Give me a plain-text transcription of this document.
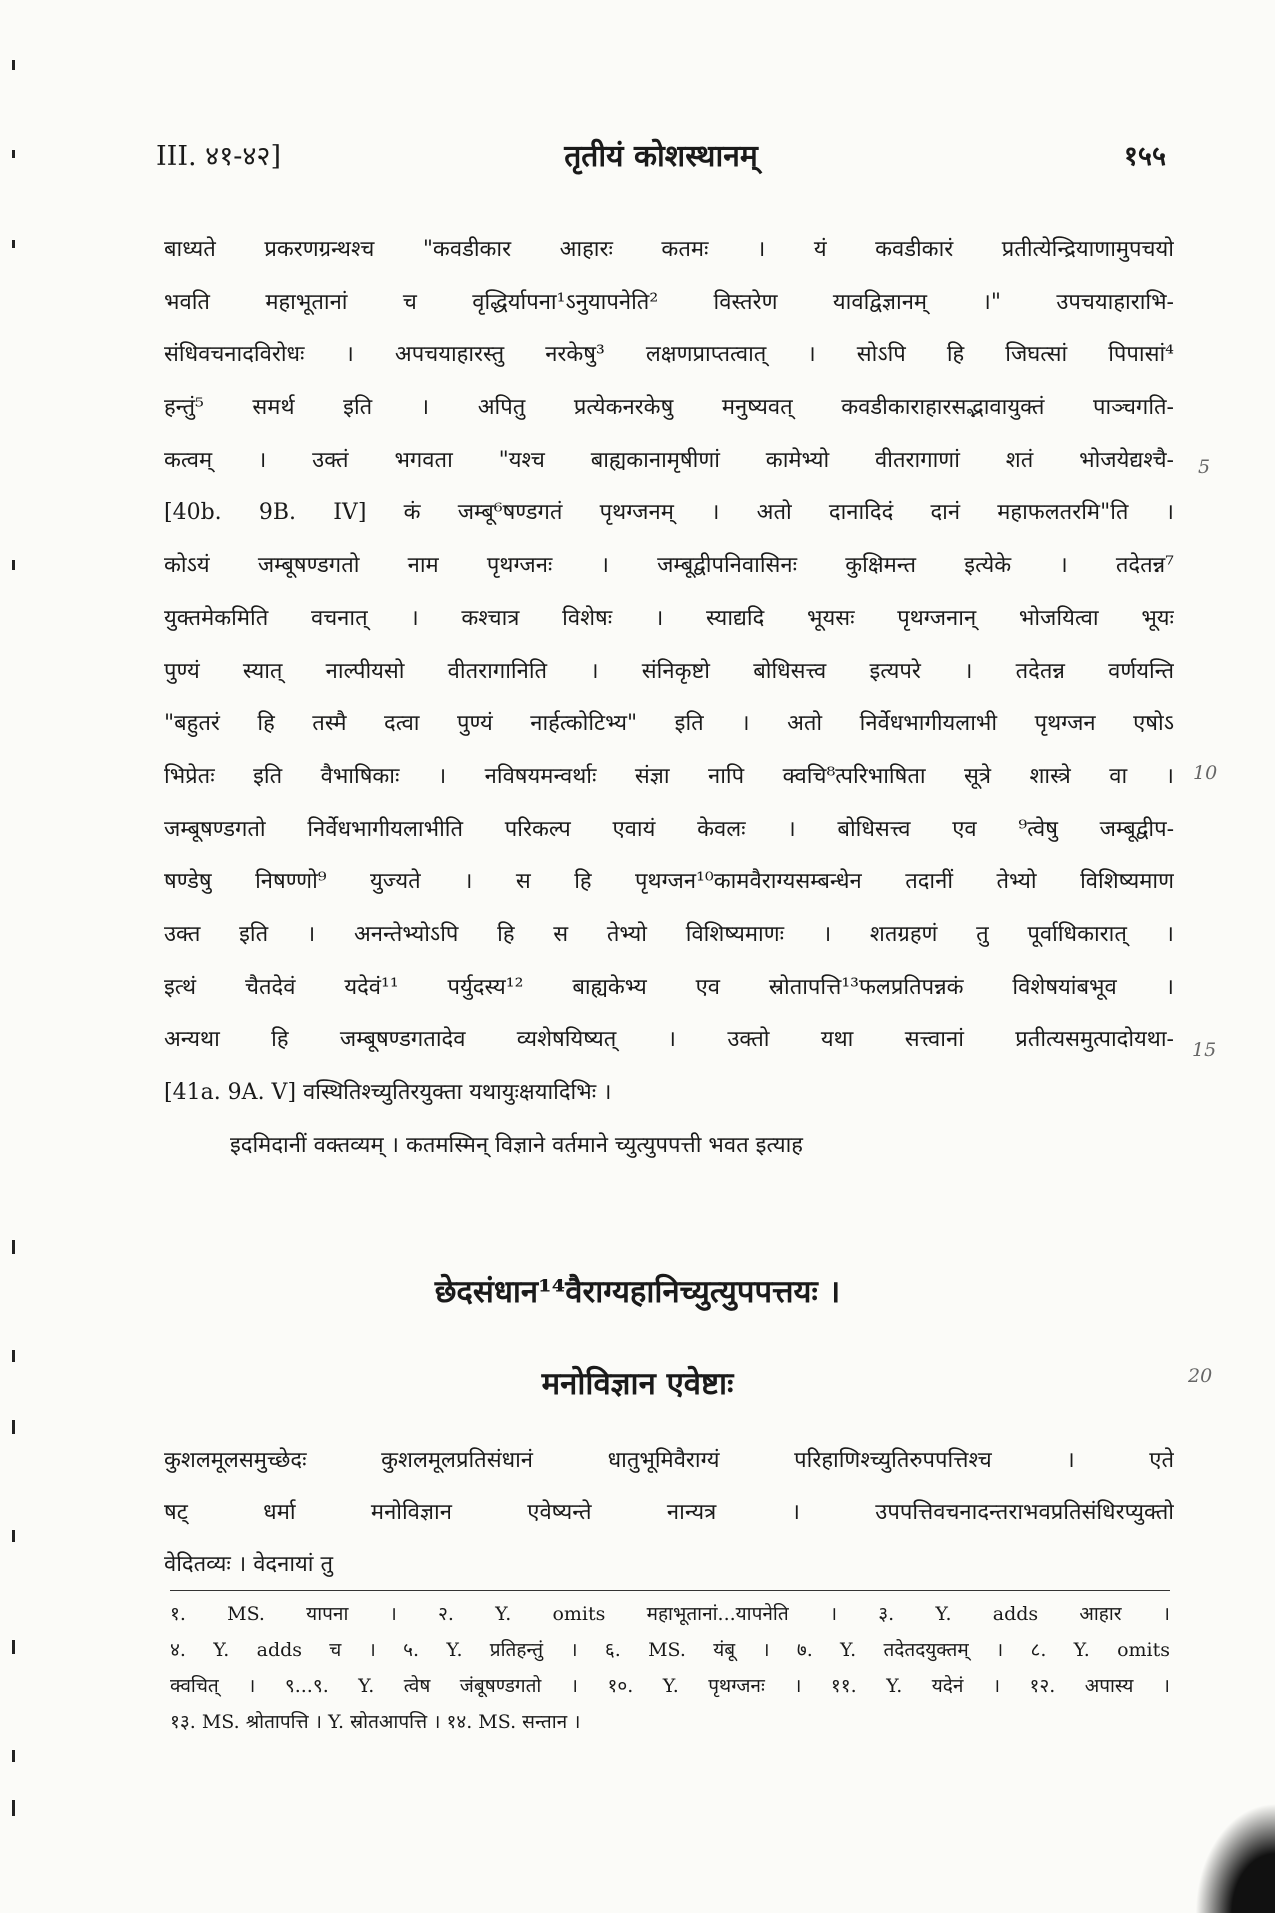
III. ४१-४२]	तृतीयं कोशस्थानम्	१५५
बाध्यते प्रकरणग्रन्थश्च "कवडीकार आहारः कतमः । यं कवडीकारं प्रतीत्येन्द्रियाणामुपचयो
भवति महाभूतानां च वृद्धिर्यापना¹ऽनुयापनेति² विस्तरेण यावद्विज्ञानम् ।" उपचयाहाराभि-
संधिवचनादविरोधः । अपचयाहारस्तु नरकेषु³ लक्षणप्राप्तत्वात् । सोऽपि हि जिघत्सां पिपासां⁴
हन्तुं⁵ समर्थ इति । अपितु प्रत्येकनरकेषु मनुष्यवत् कवडीकाराहारसद्भावायुक्तं पाञ्चगति-
कत्वम् । उक्तं भगवता "यश्च बाह्यकानामृषीणां कामेभ्यो वीतरागाणां शतं भोजयेद्यश्चै-
[40b. 9B. IV] कं जम्बू⁶षण्डगतं पृथग्जनम् । अतो दानादिदं दानं महाफलतरमि"ति ।
कोऽयं जम्बूषण्डगतो नाम पृथग्जनः । जम्बूद्वीपनिवासिनः कुक्षिमन्त इत्येके । तदेतन्न⁷
युक्तमेकमिति वचनात् । कश्चात्र विशेषः । स्याद्यदि भूयसः पृथग्जनान् भोजयित्वा भूयः
पुण्यं स्यात् नाल्पीयसो वीतरागानिति । संनिकृष्टो बोधिसत्त्व इत्यपरे । तदेतन्न वर्णयन्ति
"बहुतरं हि तस्मै दत्वा पुण्यं नार्हत्कोटिभ्य" इति । अतो निर्वेधभागीयलाभी पृथग्जन एषोऽ
भिप्रेतः इति वैभाषिकाः । नविषयमन्वर्थाः संज्ञा नापि क्वचि⁸त्परिभाषिता सूत्रे शास्त्रे वा ।
जम्बूषण्डगतो निर्वेधभागीयलाभीति परिकल्प एवायं केवलः । बोधिसत्त्व एव ⁹त्वेषु जम्बूद्वीप-
षण्डेषु निषण्णो⁹ युज्यते । स हि पृथग्जन¹⁰कामवैराग्यसम्बन्धेन तदानीं तेभ्यो विशिष्यमाण
उक्त इति । अनन्तेभ्योऽपि हि स तेभ्यो विशिष्यमाणः । शतग्रहणं तु पूर्वाधिकारात् ।
इत्थं चैतदेवं यदेवं¹¹ पर्युदस्य¹² बाह्यकेभ्य एव स्रोतापत्ति¹³फलप्रतिपन्नकं विशेषयांबभूव ।
अन्यथा हि जम्बूषण्डगतादेव व्यशेषयिष्यत् । उक्तो यथा सत्त्वानां प्रतीत्यसमुत्पादोयथा-
[41a. 9A. V] वस्थितिश्च्युतिरयुक्ता यथायुःक्षयादिभिः ।
इदमिदानीं वक्तव्यम् । कतमस्मिन् विज्ञाने वर्तमाने च्युत्युपपत्ती भवत इत्याह
छेदसंधान¹⁴वैराग्यहानिच्युत्युपपत्तयः ।
मनोविज्ञान एवेष्टाः
कुशलमूलसमुच्छेदः कुशलमूलप्रतिसंधानं धातुभूमिवैराग्यं परिहाणिश्च्युतिरुपपत्तिश्च । एते
षट् धर्मा मनोविज्ञान एवेष्यन्ते नान्यत्र । उपपत्तिवचनादन्तराभवप्रतिसंधिरप्युक्तो
वेदितव्यः । वेदनायां तु
5
10
15
20
१. MS. यापना । २. Y. omits महाभूतानां...यापनेति । ३. Y. adds आहार ।
४. Y. adds च । ५. Y. प्रतिहन्तुं । ६. MS. यंबू । ७. Y. तदेतदयुक्तम् । ८. Y. omits
क्वचित् । ९...९. Y. त्वेष जंबूषण्डगतो । १०. Y. पृथग्जनः । ११. Y. यदेनं । १२. अपास्य ।
१३. MS. श्रोतापत्ति । Y. स्रोतआपत्ति । १४. MS. सन्तान ।
